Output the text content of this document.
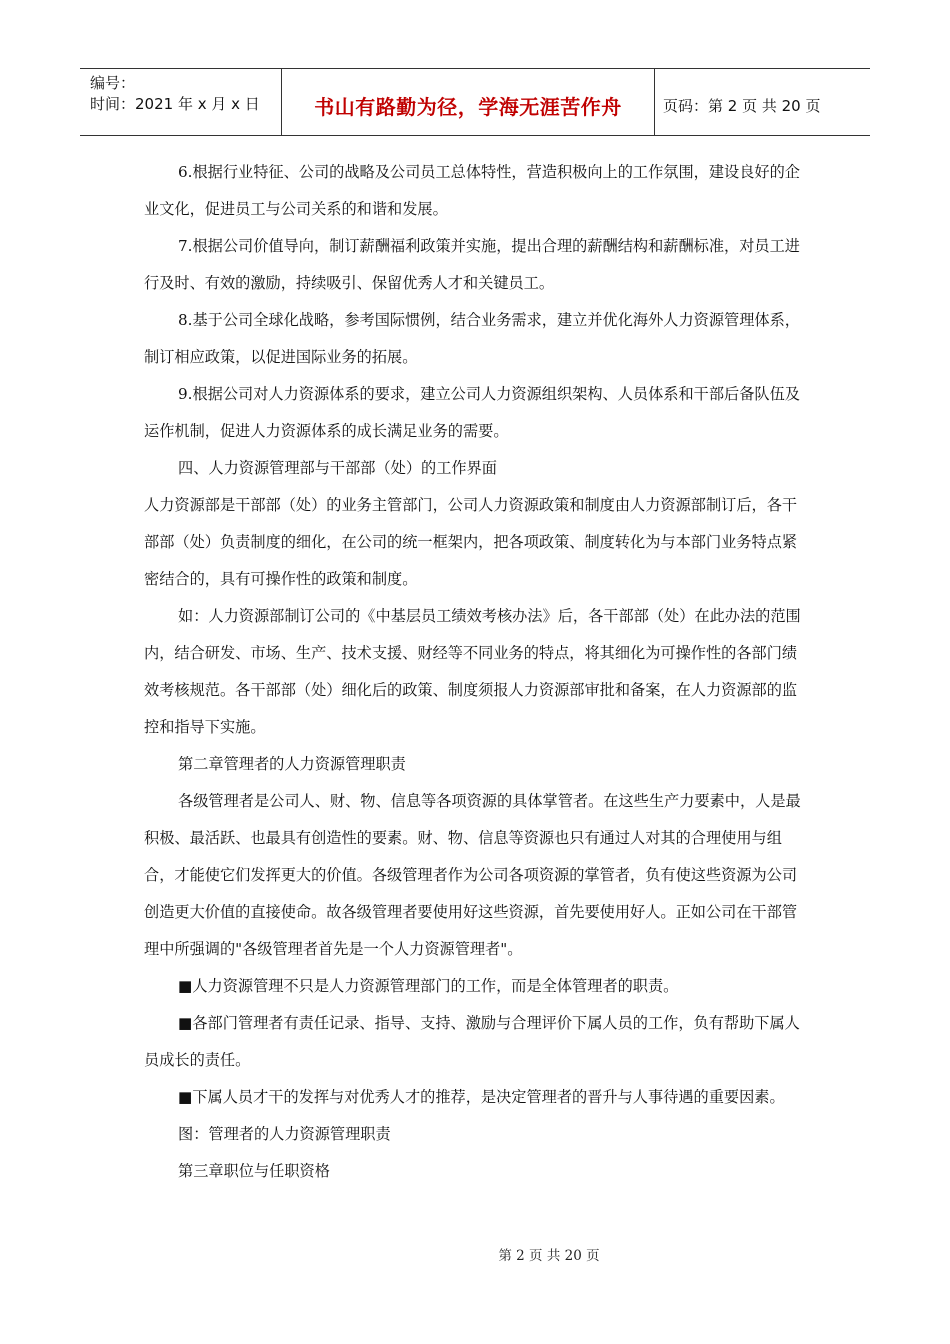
编号：
时间：2021 年 x 月 x 日	书山有路勤为径，学海无涯苦作舟	页码：第 2 页 共 20 页

6.根据行业特征、公司的战略及公司员工总体特性，营造积极向上的工作氛围，建设良好的企业文化，促进员工与公司关系的和谐和发展。

7.根据公司价值导向，制订薪酬福利政策并实施，提出合理的薪酬结构和薪酬标准，对员工进行及时、有效的激励，持续吸引、保留优秀人才和关键员工。

8.基于公司全球化战略，参考国际惯例，结合业务需求，建立并优化海外人力资源管理体系，制订相应政策，以促进国际业务的拓展。

9.根据公司对人力资源体系的要求，建立公司人力资源组织架构、人员体系和干部后备队伍及运作机制，促进人力资源体系的成长满足业务的需要。

四、人力资源管理部与干部部（处）的工作界面

人力资源部是干部部（处）的业务主管部门，公司人力资源政策和制度由人力资源部制订后，各干部部（处）负责制度的细化，在公司的统一框架内，把各项政策、制度转化为与本部门业务特点紧密结合的，具有可操作性的政策和制度。

如：人力资源部制订公司的《中基层员工绩效考核办法》后，各干部部（处）在此办法的范围内，结合研发、市场、生产、技术支援、财经等不同业务的特点，将其细化为可操作性的各部门绩效考核规范。各干部部（处）细化后的政策、制度须报人力资源部审批和备案，在人力资源部的监控和指导下实施。

第二章管理者的人力资源管理职责

各级管理者是公司人、财、物、信息等各项资源的具体掌管者。在这些生产力要素中，人是最积极、最活跃、也最具有创造性的要素。财、物、信息等资源也只有通过人对其的合理使用与组合，才能使它们发挥更大的价值。各级管理者作为公司各项资源的掌管者，负有使这些资源为公司创造更大价值的直接使命。故各级管理者要使用好这些资源，首先要使用好人。正如公司在干部管理中所强调的"各级管理者首先是一个人力资源管理者"。

■人力资源管理不只是人力资源管理部门的工作，而是全体管理者的职责。

■各部门管理者有责任记录、指导、支持、激励与合理评价下属人员的工作，负有帮助下属人员成长的责任。

■下属人员才干的发挥与对优秀人才的推荐，是决定管理者的晋升与人事待遇的重要因素。

图：管理者的人力资源管理职责

第三章职位与任职资格

第 2 页 共 20 页
